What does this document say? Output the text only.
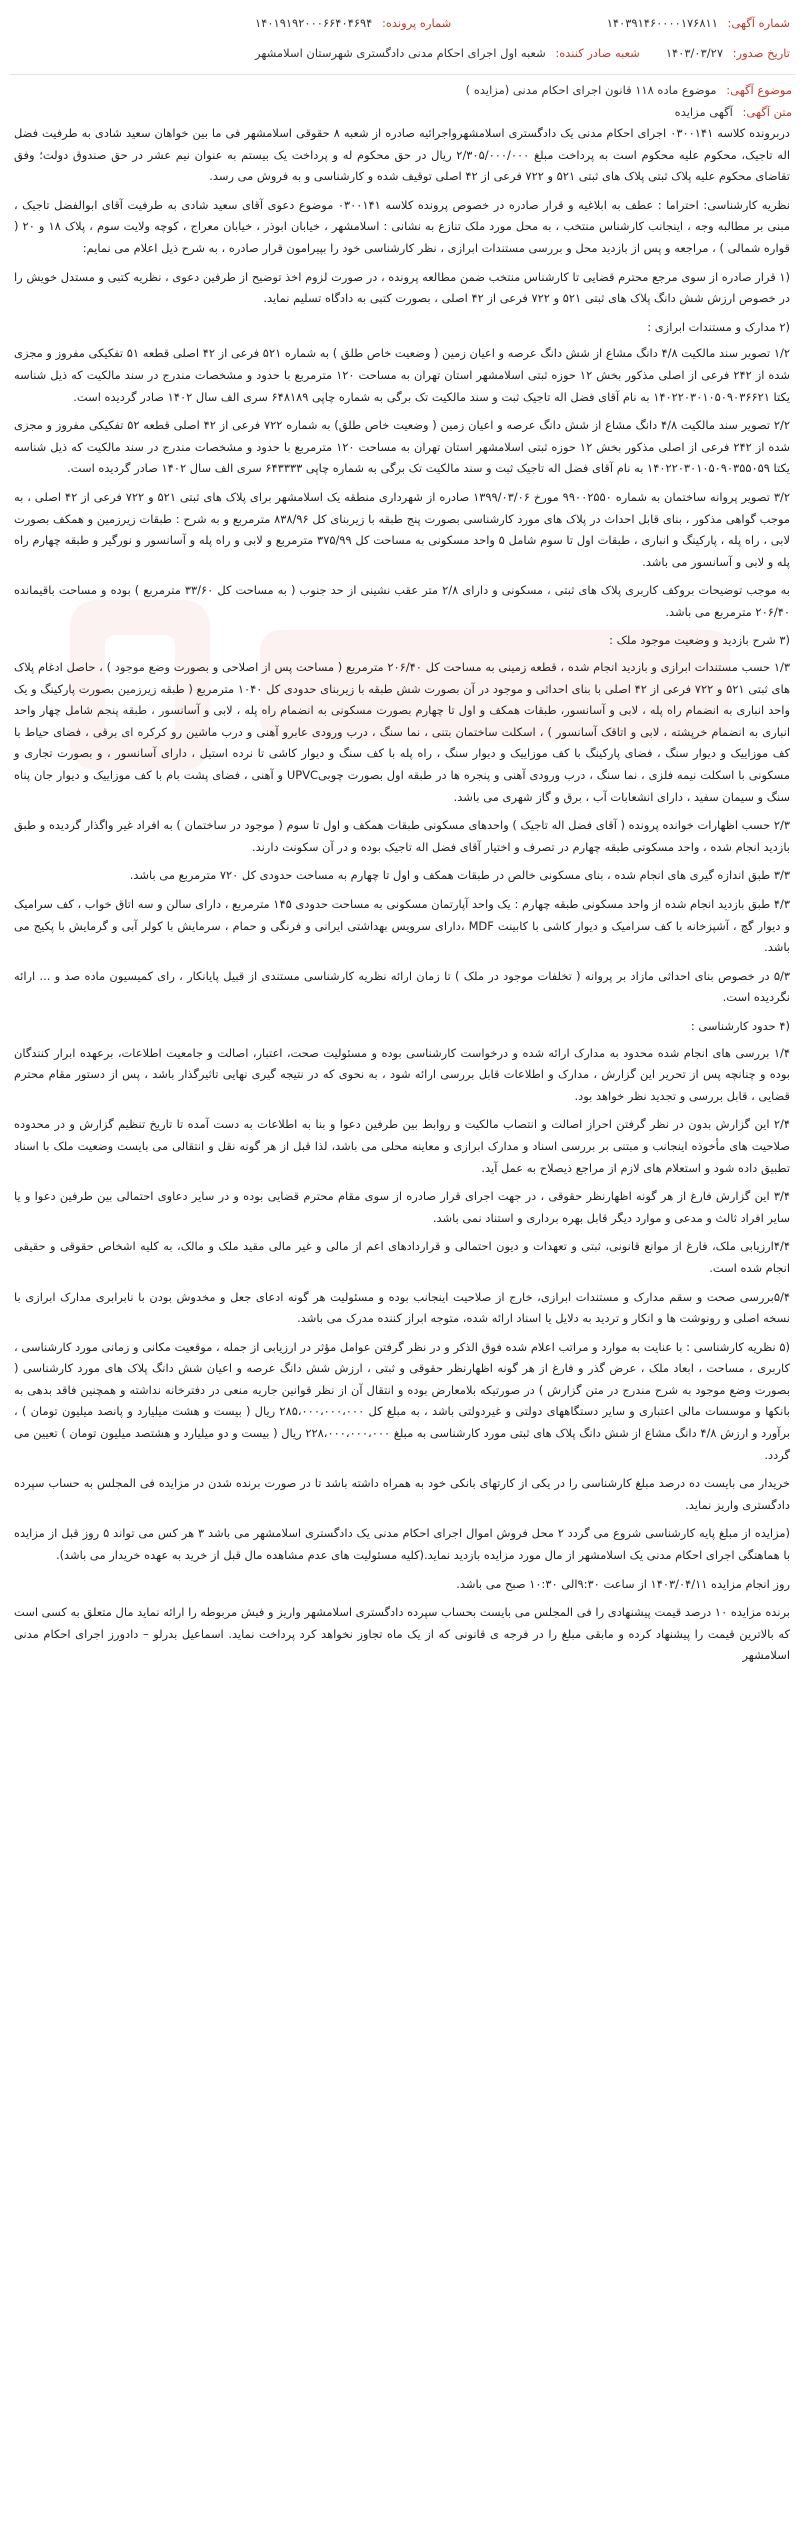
شماره آگهی: ۱۴۰۳۹۱۴۶۰۰۰۰۱۷۶۸۱۱
شماره پرونده: ۱۴۰۱۹۱۹۲۰۰۰۶۶۴۰۴۶۹۴
تاریخ صدور: ۱۴۰۳/۰۳/۲۷
شعبه صادر کننده: شعبه اول اجرای احکام مدنی دادگستری شهرستان اسلامشهر
موضوع آگهی: موضوع ماده ۱۱۸ قانون اجرای احکام مدنی (مزایده )
متن آگهی: آگهی مزایده

دربرونده کلاسه ۰۳۰۰۱۴۱ اجرای احکام مدنی یک دادگستری اسلامشهرواجرائیه صادره از شعبه ۸ حقوقی اسلامشهر فی ما بین خواهان سعید شادی به طرفیت فضل اله تاجیک، محکوم علیه محکوم است به پرداخت مبلغ ۲/۳۰۵/۰۰۰/۰۰۰ ریال در حق محکوم له و پرداخت یک بیستم به عنوان نیم عشر در حق صندوق دولت؛ وفق تقاضای محکوم علیه پلاک ثبتی پلاک های ثبتی ۵۲۱ و ۷۲۲ فرعی از ۴۲ اصلی توقیف شده و کارشناسی و به فروش می رسد.

نظریه کارشناسی: احتراما : عطف به ابلاغیه و قرار صادره در خصوص پرونده کلاسه ۰۳۰۰۱۴۱ موضوع دعوی آقای سعید شادی به طرفیت آقای ابوالفضل تاجیک ، مبنی بر مطالبه وجه ، اینجانب کارشناس منتخب ، به محل مورد ملک تنازع به نشانی : اسلامشهر ، خیابان ابوذر ، خیابان معراج ، کوچه ولایت سوم ، پلاک ۱۸ و ۲۰ ( قواره شمالی ) ، مراجعه و پس از بازدید محل و بررسی مستندات ابرازی ، نظر کارشناسی خود را بپیرامون قرار صادره ، به شرح ذیل اعلام می نمایم:

(۱ قرار صادره از سوی مرجع محترم قضایی تا کارشناس منتخب ضمن مطالعه پرونده ، در صورت لزوم اخذ توضیح از طرفین دعوی ، نظریه کتبی و مستدل خویش را در خصوص ارزش شش دانگ پلاک های ثبتی ۵۲۱ و ۷۲۲ فرعی از ۴۲ اصلی ، بصورت کتبی به دادگاه تسلیم نماید.

(۲ مدارک و مستندات ابرازی :

۱/۲ تصویر سند مالکیت ۴/۸ دانگ مشاع از شش دانگ عرصه و اعیان زمین ( وضعیت خاص طلق ) به شماره ۵۲۱ فرعی از ۴۲ اصلی قطعه ۵۱ تفکیکی مفروز و مجزی شده از ۲۴۲ فرعی از اصلی مذکور بخش ۱۲ حوزه ثبتی اسلامشهر استان تهران به مساحت ۱۲۰ مترمربع با حدود و مشخصات مندرج در سند مالکیت که ذیل شناسه یکتا ۱۴۰۲۲۰۳۰۱۰۵۰۹۰۳۶۶۲۱ به نام آقای فضل اله تاجیک ثبت و سند مالکیت تک برگی به شماره چاپی ۶۴۸۱۸۹ سری الف سال ۱۴۰۲ صادر گردیده است.

۲/۲ تصویر سند مالکیت ۴/۸ دانگ مشاع از شش دانگ عرصه و اعیان زمین ( وضعیت خاص طلق) به شماره ۷۲۲ فرعی از ۴۲ اصلی قطعه ۵۲ تفکیکی مفروز و مجزی شده از ۲۴۲ فرعی از اصلی مذکور بخش ۱۲ حوزه ثبتی اسلامشهر استان تهران به مساحت ۱۲۰ مترمربع با حدود و مشخصات مندرج در سند مالکیت که ذیل شناسه یکتا ۱۴۰۲۲۰۳۰۱۰۵۰۹۰۳۵۵۰۵۹ به نام آقای فضل اله تاجیک ثبت و سند مالکیت تک برگی به شماره چاپی ۶۴۳۳۳۳ سری الف سال ۱۴۰۲ صادر گردیده است.

۳/۲ تصویر پروانه ساختمان به شماره ۹۹۰۰۲۵۵۰ مورخ ۱۳۹۹/۰۳/۰۶ صادره از شهرداری منطقه یک اسلامشهر برای پلاک های ثبتی ۵۲۱ و ۷۲۲ فرعی از ۴۲ اصلی ، به موجب گواهی مذکور ، بنای قابل احداث در پلاک های مورد کارشناسی بصورت پنج طبقه با زیربنای کل ۸۳۸/۹۶ مترمربع و به شرح : طبقات زیرزمین و همکف بصورت لابی ، راه پله ، پارکینگ و انباری ، طبقات اول تا سوم شامل ۵ واحد مسکونی به مساحت کل ۳۷۵/۹۹ مترمربع و لابی و راه پله و آسانسور و نورگیر و طبقه چهارم راه پله و لابی و آسانسور می باشد.

به موجب توضیحات بروکف کاربری پلاک های ثبتی ، مسکونی و دارای ۲/۸ متر عقب نشینی از حد جنوب ( به مساحت کل ۳۳/۶۰ مترمربع ) بوده و مساحت باقیمانده ۲۰۶/۴۰ مترمربع می باشد.

(۳ شرح بازدید و وضعیت موجود ملک :

۱/۳ حسب مستندات ابرازی و بازدید انجام شده ، قطعه زمینی به مساحت کل ۲۰۶/۴۰ مترمربع ( مساحت پس از اصلاحی و بصورت وضع موجود ) ، حاصل ادغام پلاک های ثبتی ۵۲۱ و ۷۲۲ فرعی از ۴۲ اصلی با بنای احداثی و موجود در آن بصورت شش طبقه با زیربنای حدودی کل ۱۰۴۰ مترمربع ( طبقه زیرزمین بصورت پارکینگ و یک واحد انباری به انضمام راه پله ، لابی و آسانسور، طبقات همکف و اول تا چهارم بصورت مسکونی به انضمام راه پله ، لابی و آسانسور ، طبقه پنجم شامل چهار واحد انباری به انضمام خرپشته ، لابی و اتاقک آسانسور ) ، اسکلت ساختمان بتنی ، نما سنگ ، درب ورودی عابرو آهنی و درب ماشین رو کرکره ای برقی ، فضای حیاط با کف موزاییک و دیوار سنگ ، فضای پارکینگ با کف موزاییک و دیوار سنگ ، راه پله با کف سنگ و دیوار کاشی تا نرده استیل ، دارای آسانسور ، و بصورت تجاری و مسکونی با اسکلت نیمه فلزی ، نما سنگ ، درب ورودی آهنی و پنجره ها در طبقه اول بصورت چوبیUPVC و آهنی ، فضای پشت بام با کف موزاییک و دیوار جان پناه سنگ و سیمان سفید ، دارای انشعابات آب ، برق و گاز شهری می باشد.

۲/۳ حسب اظهارات خوانده پرونده ( آقای فضل اله تاجیک ) واحدهای مسکونی طبقات همکف و اول تا سوم ( موجود در ساختمان ) به افراد غیر واگذار گردیده و طبق بازدید انجام شده ، واحد مسکونی طبقه چهارم در تصرف و اختیار آقای فضل اله تاجیک بوده و در آن سکونت دارند.

۳/۳ طبق اندازه گیری های انجام شده ، بنای مسکونی خالص در طبقات همکف و اول تا چهارم به مساحت حدودی کل ۷۲۰ مترمربع می باشد.

۴/۳ طبق بازدید انجام شده از واحد مسکونی طبقه چهارم : یک واحد آپارتمان مسکونی به مساحت حدودی ۱۴۵ مترمربع ، دارای سالن و سه اتاق خواب ، کف سرامیک و دیوار گچ ، آشپزخانه با کف سرامیک و دیوار کاشی با کابینت MDF ،دارای سرویس بهداشتی ایرانی و فرنگی و حمام ، سرمایش با کولر آبی و گرمایش با پکیج می باشد.

۵/۳ در خصوص بنای احداثی مازاد بر پروانه ( تخلفات موجود در ملک ) تا زمان ارائه نظریه کارشناسی مستندی از قبیل پایانکار ، رای کمیسیون ماده صد و ... ارائه نگردیده است.

(۴ حدود کارشناسی :

۱/۴ بررسی های انجام شده محدود به مدارک ارائه شده و درخواست کارشناسی بوده و مسئولیت صحت، اعتبار، اصالت و جامعیت اطلاعات، برعهده ابرار کنندگان بوده و چنانچه پس از تحریر این گزارش ، مدارک و اطلاعات قابل بررسی ارائه شود ، به نحوی که در نتیجه گیری نهایی تاثیرگذار باشد ، پس از دستور مقام محترم قضایی ، قابل بررسی و تجدید نظر خواهد بود.

۲/۴ این گزارش بدون در نظر گرفتن احراز اصالت و انتصاب مالکیت و روابط بین طرفین دعوا و بنا به اطلاعات به دست آمده تا تاریخ تنظیم گزارش و در محدوده صلاحیت های مأخوذه اینجانب و مبتنی بر بررسی اسناد و مدارک ابرازی و معاینه محلی می باشد، لذا قبل از هر گونه نقل و انتقالی می بایست وضعیت ملک با اسناد تطبیق داده شود و استعلام های لازم از مراجع ذیصلاح به عمل آید.

۳/۴ این گزارش فارغ از هر گونه اظهارنظر حقوقی ، در جهت اجرای قرار صادره از سوی مقام محترم قضایی بوده و در سایر دعاوی احتمالی بین طرفین دعوا و یا سایر افراد ثالث و مدعی و موارد دیگر قابل بهره برداری و استناد نمی باشد.

۴/۴ارزیابی ملک، فارغ از موانع قانونی، ثبتی و تعهدات و دیون احتمالی و قراردادهای اعم از مالی و غیر مالی مقید ملک و مالک، به کلیه اشخاص حقوقی و حقیقی انجام شده است.

۵/۴بررسی صحت و سقم مدارک و مستندات ابرازی، خارج از صلاحیت اینجانب بوده و مسئولیت هر گونه ادعای جعل و مخدوش بودن با نابرابری مدارک ابرازی با نسخه اصلی و رونوشت ها و انکار و تردید به دلایل یا اسناد ارائه شده، متوجه ابراز کننده مدرک می باشد.

(۵ نظریه کارشناسی : با عنایت به موارد و مراتب اعلام شده فوق الذکر و در نظر گرفتن عوامل مؤثر در ارزیابی از جمله ، موقعیت مکانی و زمانی مورد کارشناسی ، کاربری ، مساحت ، ابعاد ملک ، عرض گذر و فارغ از هر گونه اظهارنظر حقوقی و ثبتی ، ارزش شش دانگ عرصه و اعیان شش دانگ پلاک های مورد کارشناسی ( بصورت وضع موجود به شرح مندرج در متن گزارش ) در صورتیکه بلامعارض بوده و انتقال آن از نظر قوانین جاریه منعی در دفترخانه نداشته و همچنین فاقد بدهی به بانکها و موسسات مالی اعتباری و سایر دستگاههای دولتی و غیردولتی باشد ، به مبلغ کل ۲۸۵،۰۰۰،۰۰۰،۰۰۰ ریال ( بیست و هشت میلیارد و پانصد میلیون تومان ) ، برآورد و ارزش ۴/۸ دانگ مشاع از شش دانگ پلاک های ثبتی مورد کارشناسی به مبلغ ۲۲۸،۰۰۰،۰۰۰،۰۰۰ ریال ( بیست و دو میلیارد و هشتصد میلیون تومان ) تعیین می گردد.

خریدار می بایست ده درصد مبلغ کارشناسی را در یکی از کارتهای بانکی خود به همراه داشته باشد تا در صورت برنده شدن در مزایده فی المجلس به حساب سپرده دادگستری واریز نماید.

(مزایده از مبلغ پایه کارشناسی شروع می گردد ۲ محل فروش اموال اجرای احکام مدنی یک دادگستری اسلامشهر می باشد ۳ هر کس می تواند ۵ روز قبل از مزایده با هماهنگی اجرای احکام مدنی یک اسلامشهر از مال مورد مزایده بازدید نماید.(کلیه مسئولیت های عدم مشاهده مال قبل از خرید به عهده خریدار می باشد).

روز انجام مزایده ۱۴۰۳/۰۴/۱۱ از ساعت ۹:۳۰الی ۱۰:۳۰ صبح می باشد.

برنده مزایده ۱۰ درصد قیمت پیشنهادی را فی المجلس می بایست بحساب سپرده دادگستری اسلامشهر واریز و فیش مربوطه را ارائه نماید مال متعلق به کسی است که بالاترین قیمت را پیشنهاد کرده و مابقی مبلغ را در فرجه ی قانونی که از یک ماه تجاوز نخواهد کرد پرداخت نماید. اسماعیل بدرلو – دادورز اجرای احکام مدنی اسلامشهر
